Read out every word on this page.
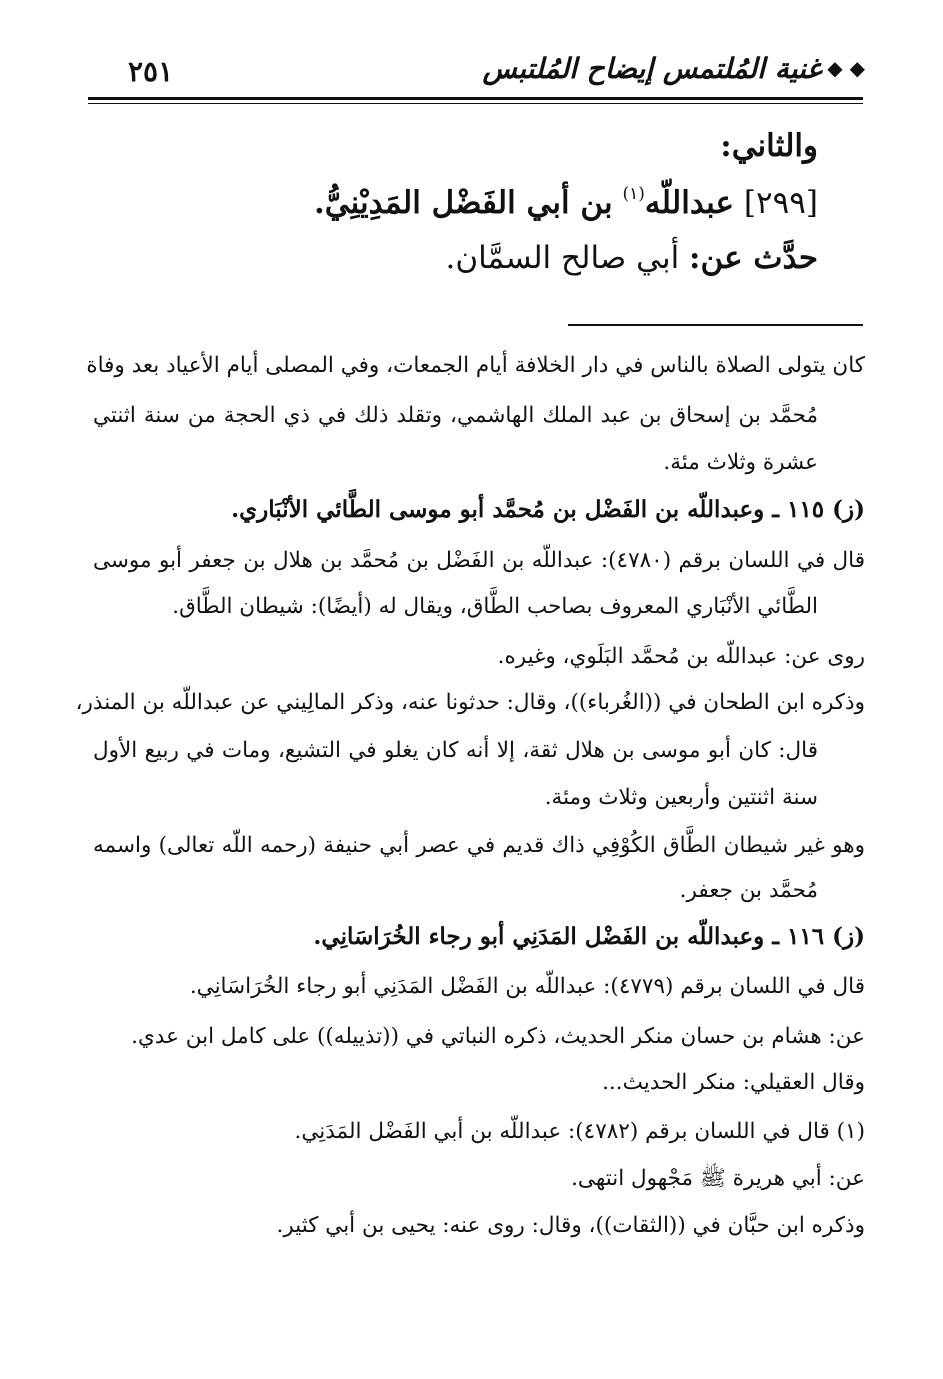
◆ ◆غنية المُلتمس إيضاح المُلتبس
٢٥١
والثاني:
[٢٩٩] عبداللّه$^{(١)}$ بن أبي الفَضْل المَدِيْنِيُّ.
حدَّث عن: أبي صالح السمَّان.
كان يتولى الصلاة بالناس في دار الخلافة أيام الجمعات، وفي المصلى أيام الأعياد بعد وفاة
مُحمَّد بن إسحاق بن عبد الملك الهاشمي، وتقلد ذلك في ذي الحجة من سنة اثنتي
عشرة وثلاث مئة.
(ز) ١١٥ ـ وعبداللّه بن الفَضْل بن مُحمَّد أبو موسى الطَّائي الأنْبَاري.
قال في اللسان برقم (٤٧٨٠): عبداللّه بن الفَضْل بن مُحمَّد بن هلال بن جعفر أبو موسى
الطَّائي الأنْبَاري المعروف بصاحب الطَّاق، ويقال له (أيضًا): شيطان الطَّاق.
روى عن: عبداللّه بن مُحمَّد البَلَوي، وغيره.
وذكره ابن الطحان في ((الغُرباء))، وقال: حدثونا عنه، وذكر المالِيني عن عبداللّه بن المنذر،
قال: كان أبو موسى بن هلال ثقة، إلا أنه كان يغلو في التشيع، ومات في ربيع الأول
سنة اثنتين وأربعين وثلاث ومئة.
وهو غير شيطان الطَّاق الكُوْفِي ذاك قديم في عصر أبي حنيفة (رحمه اللّه تعالى) واسمه
مُحمَّد بن جعفر.
(ز) ١١٦ ـ وعبداللّه بن الفَضْل المَدَنِي أبو رجاء الخُرَاسَانِي.
قال في اللسان برقم (٤٧٧٩): عبداللّه بن الفَضْل المَدَنِي أبو رجاء الخُرَاسَانِي.
عن: هشام بن حسان منكر الحديث، ذكره النباتي في ((تذييله)) على كامل ابن عدي.
وقال العقيلي: منكر الحديث...
(١) قال في اللسان برقم (٤٧٨٢): عبداللّه بن أبي الفَضْل المَدَنِي.
عن: أبي هريرة ﷺ مَجْهول انتهى.
وذكره ابن حبَّان في ((الثقات))، وقال: روى عنه: يحيى بن أبي كثير.
